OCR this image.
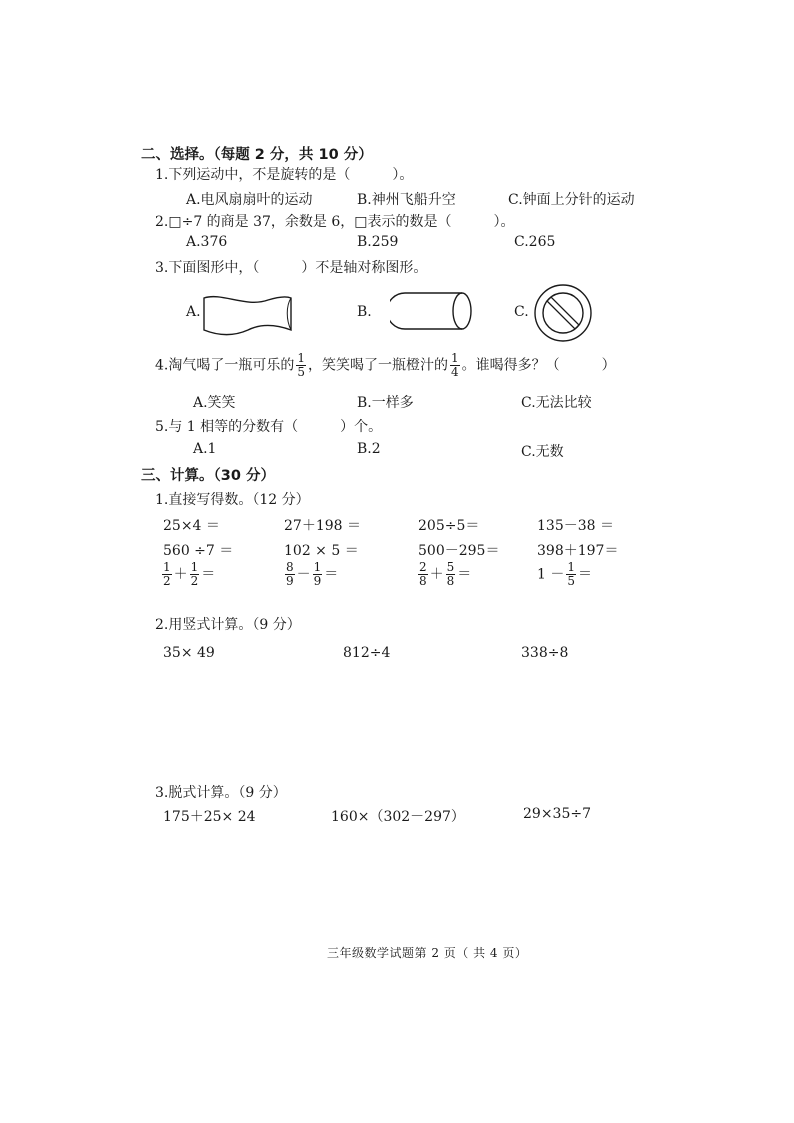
二、选择。（每题 2 分，共 10 分）
1.下列运动中，不是旋转的是（　　　）。
A.电风扇扇叶的运动	B.神州飞船升空	C.钟面上分针的运动
2.□÷7 的商是 37，余数是 6，□表示的数是（　　　）。
A.376	B.259	C.265
3.下面图形中，（　　　）不是轴对称图形。
A.	B.	C.
4.淘气喝了一瓶可乐的 $\frac{1}{5}$ ，笑笑喝了一瓶橙汁的 $\frac{1}{4}$ 。谁喝得多？（　　　）
A.笑笑	B.一样多	C.无法比较
5.与 1 相等的分数有（　　　）个。
A.1	B.2	C.无数
三、计算。（30 分）
1.直接写得数。（12 分）
25×4 ＝	27＋198 ＝	205÷5＝	135－38 ＝
560 ÷7 ＝	102 × 5 ＝	500－295＝	398＋197＝
$\frac{1}{2} + \frac{1}{2}$ ＝	$\frac{8}{9} - \frac{1}{9}$ ＝	$\frac{2}{8} + \frac{5}{8}$ ＝	$1 - \frac{1}{5}$ ＝
2.用竖式计算。（9 分）
35× 49	812÷4	338÷8
3.脱式计算。（9 分）
175＋25× 24	160×（302－297）	29×35÷7
三年级数学试题第 2 页（ 共 4 页）
